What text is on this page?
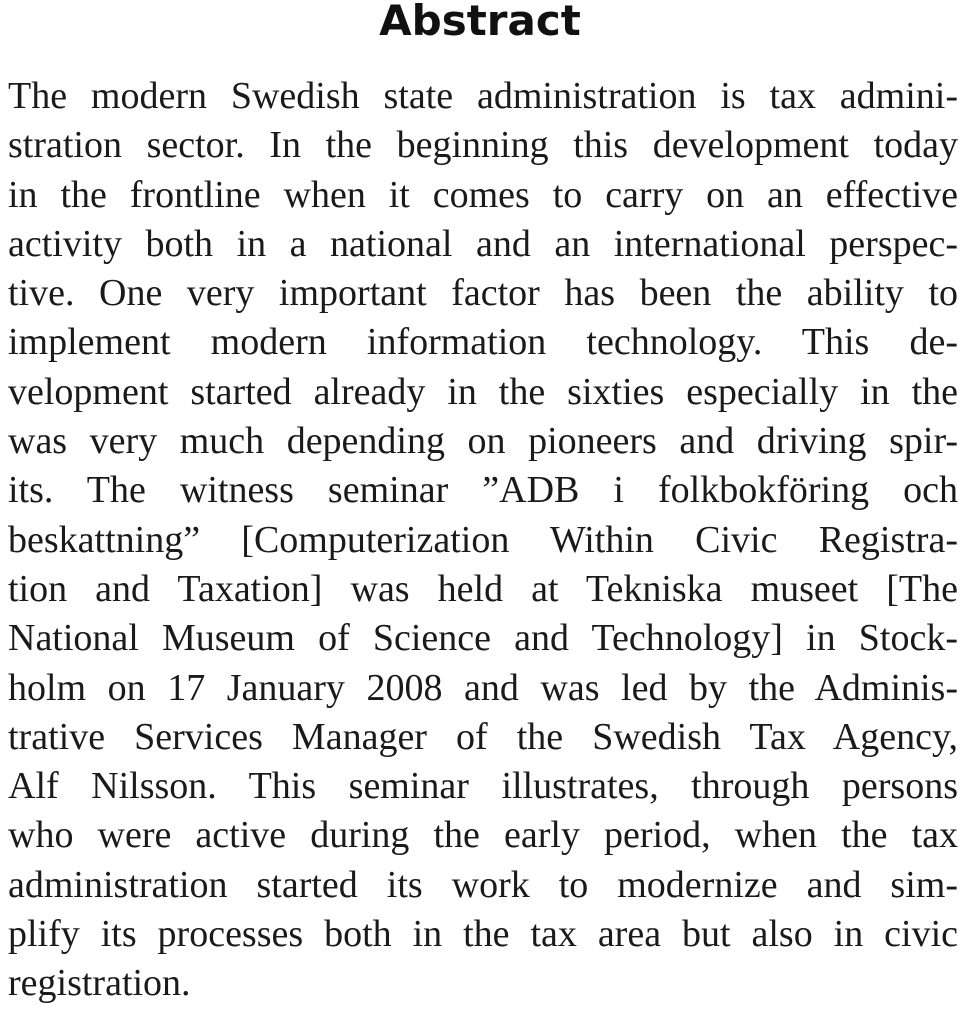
Abstract
The modern Swedish state administration is tax admini-
stration sector. In the beginning this development today
in the frontline when it comes to carry on an effective
activity both in a national and an international perspec-
tive. One very important factor has been the ability to
implement modern information technology. This de-
velopment started already in the sixties especially in the
was very much depending on pioneers and driving spir-
its. The witness seminar ”ADB i folkbokföring och
beskattning” [Computerization Within Civic Registra-
tion and Taxation] was held at Tekniska museet [The
National Museum of Science and Technology] in Stock-
holm on 17 January 2008 and was led by the Adminis-
trative Services Manager of the Swedish Tax Agency,
Alf Nilsson. This seminar illustrates, through persons
who were active during the early period, when the tax
administration started its work to modernize and sim-
plify its processes both in the tax area but also in civic
registration.
